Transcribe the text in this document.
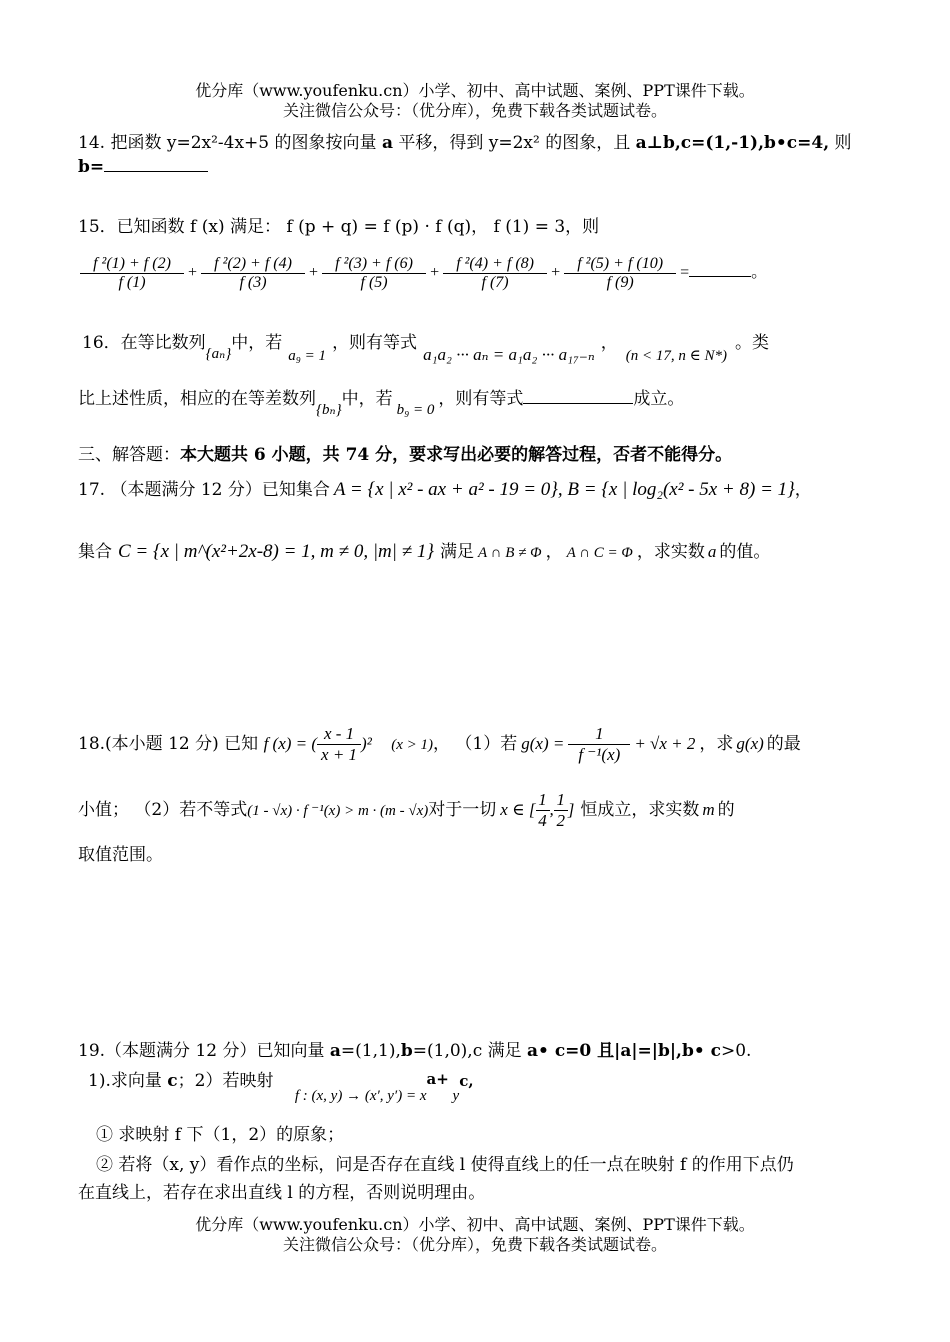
优分库（www.youfenku.cn）小学、初中、高中试题、案例、PPT课件下载。
关注微信公众号：（优分库），免费下载各类试题试卷。
14. 把函数 y=2x²-4x+5 的图象按向量 a 平移，得到 y=2x² 的图象，且 a⊥b,c=(1,-1),b•c=4, 则
b=
15．已知函数 f (x) 满足： f (p + q) = f (p) · f (q)， f (1) = 3，则
$\frac{\text{f ²(1) + f (2)}}{f (1)} + \frac{\text{f ²(2) + f (4)}}{f (3)} + \frac{\text{f ²(3) + f (6)}}{f (5)} + \frac{\text{f ²(4) + f (8)}}{f (7)} + \frac{\text{f ²(5) + f (10)}}{f (9)}$ =	。
16．在等比数列{aₙ}中，若a₉ = 1，则有等式a₁a₂ ··· aₙ = a₁a₂ ··· a₁₇₋ₙ，(n < 17, n ∈ N*)。类
比上述性质，相应的在等差数列{bₙ}中，若b₉ = 0，则有等式	成立。
三、解答题：本大题共 6 小题，共 74 分，要求写出必要的解答过程，否者不能得分。
17. （本题满分 12 分）已知集合 A = {x | x² - ax + a² - 19 = 0}, B = {x | log₂(x² - 5x + 8) = 1}，
集合 C = {x | m^(x²+2x-8) = 1, m ≠ 0, |m| ≠ 1} 满足 A ∩ B ≠ Φ ， A ∩ C = Φ ，求实数 a 的值。
18.(本小题 12 分) 已知 f (x) = ( $\frac{x - 1}{x + 1} )^2$ (x > 1)， （1）若 $g(x) = \frac{1}{\text{f ⁻¹(x)}} + √x + 2$ ，求 g(x) 的最
小值； （2）若不等式(1 - √x) · f ⁻¹(x) > m · (m - √x)对于一切 x ∈ [ $\frac{1}{4}$ , $\frac{1}{2}$ ] 恒成立，求实数 m 的
取值范围。
19.（本题满分 12 分）已知向量 a=(1,1),b=(1,0),c 满足 a• c=0 且|a|=|b|,b• c>0.
1).求向量 c；2）若映射 f : (x, y) → (x′, y′) = xa+ yc,
① 求映射 f 下（1，2）的原象；
② 若将（x, y）看作点的坐标，问是否存在直线 l 使得直线上的任一点在映射 f 的作用下点仍
在直线上，若存在求出直线 l 的方程，否则说明理由。
优分库（www.youfenku.cn）小学、初中、高中试题、案例、PPT课件下载。
关注微信公众号：（优分库），免费下载各类试题试卷。
